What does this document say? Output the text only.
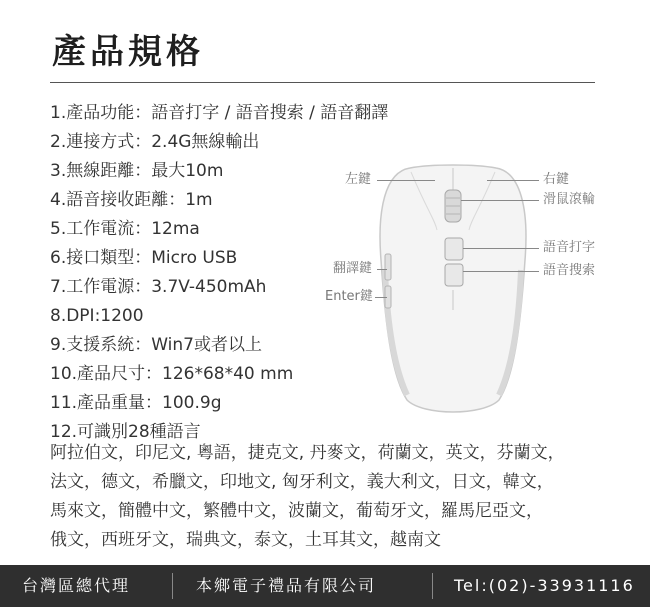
產品規格
1.產品功能：語音打字 / 語音搜索 / 語音翻譯
2.連接方式：2.4G無線輸出
3.無線距離：最大10m
4.語音接收距離：1m
5.工作電流：12ma
6.接口類型：Micro USB
7.工作電源：3.7V-450mAh
8.DPI:1200
9.支援系統：Win7或者以上
10.產品尺寸：126*68*40 mm
11.產品重量：100.9g
12.可識別28種語言
阿拉伯文，印尼文, 粵語，捷克文, 丹麥文，荷蘭文，英文，芬蘭文，
法文，德文，希臘文，印地文, 匈牙利文，義大利文，日文，韓文，
馬來文，簡體中文，繁體中文，波蘭文，葡萄牙文，羅馬尼亞文，
俄文，西班牙文，瑞典文，泰文，土耳其文，越南文
左鍵	右鍵
滑鼠滾輪
語音打字
翻譯鍵	語音搜索
Enter鍵
台灣區總代理	本鄉電子禮品有限公司	Tel:(02)-33931116
